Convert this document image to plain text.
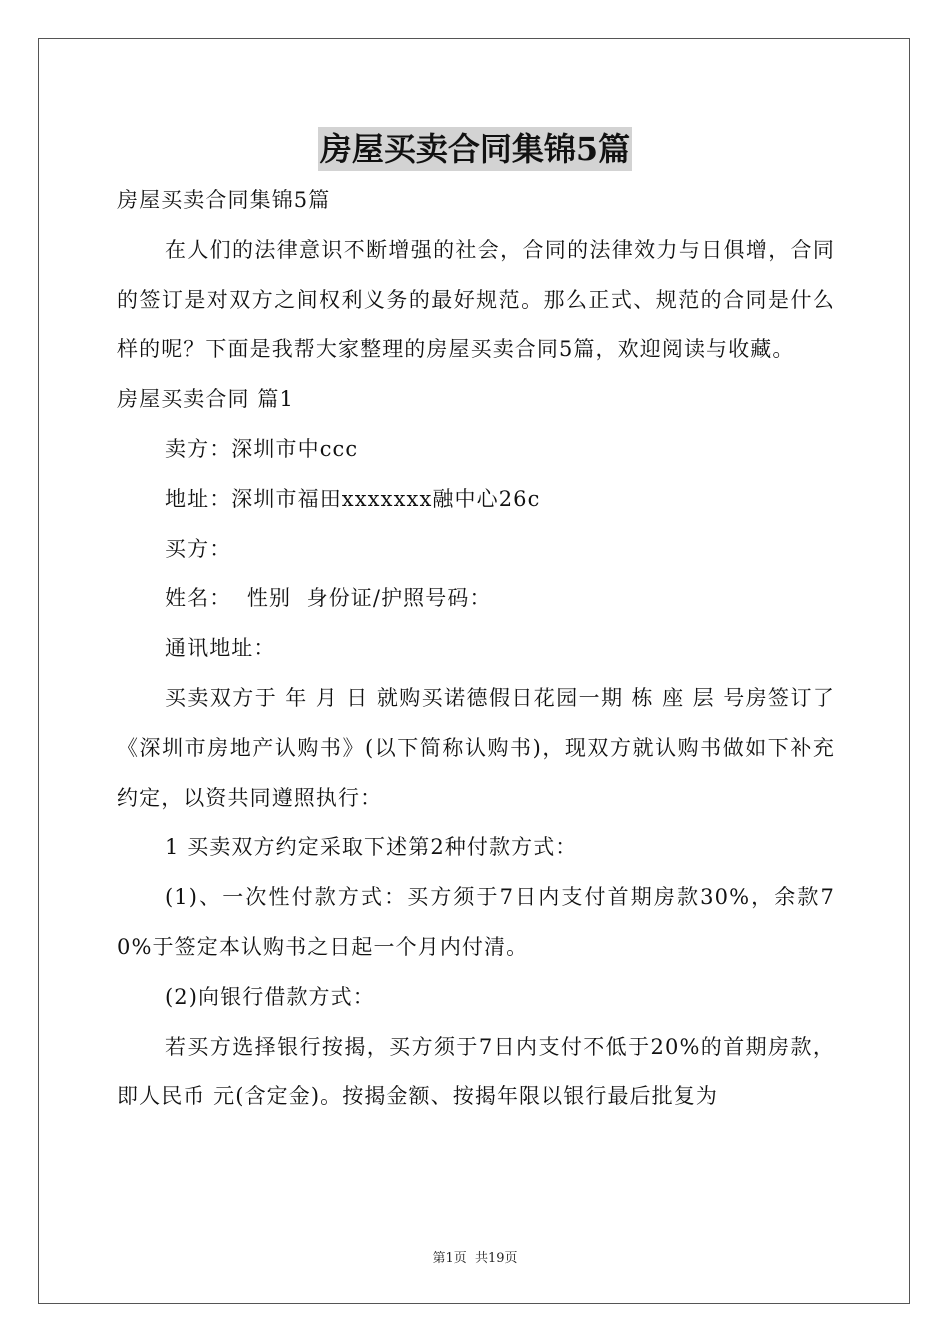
房屋买卖合同集锦5篇

房屋买卖合同集锦5篇

在人们的法律意识不断增强的社会，合同的法律效力与日俱增，合同的签订是对双方之间权利义务的最好规范。那么正式、规范的合同是什么样的呢？下面是我帮大家整理的房屋买卖合同5篇，欢迎阅读与收藏。

房屋买卖合同 篇1

卖方：深圳市中ccc

地址：深圳市福田xxxxxxx融中心26c

买方：

姓名：  性别  身份证/护照号码：

通讯地址：

买卖双方于 年 月 日 就购买诺德假日花园一期 栋 座 层 号房签订了《深圳市房地产认购书》(以下简称认购书)，现双方就认购书做如下补充约定，以资共同遵照执行：

1 买卖双方约定采取下述第2种付款方式：

(1)、一次性付款方式：买方须于7日内支付首期房款30%，余款70%于签定本认购书之日起一个月内付清。

(2)向银行借款方式：

若买方选择银行按揭，买方须于7日内支付不低于20%的首期房款，即人民币 元(含定金)。按揭金额、按揭年限以银行最后批复为

第1页 共19页
